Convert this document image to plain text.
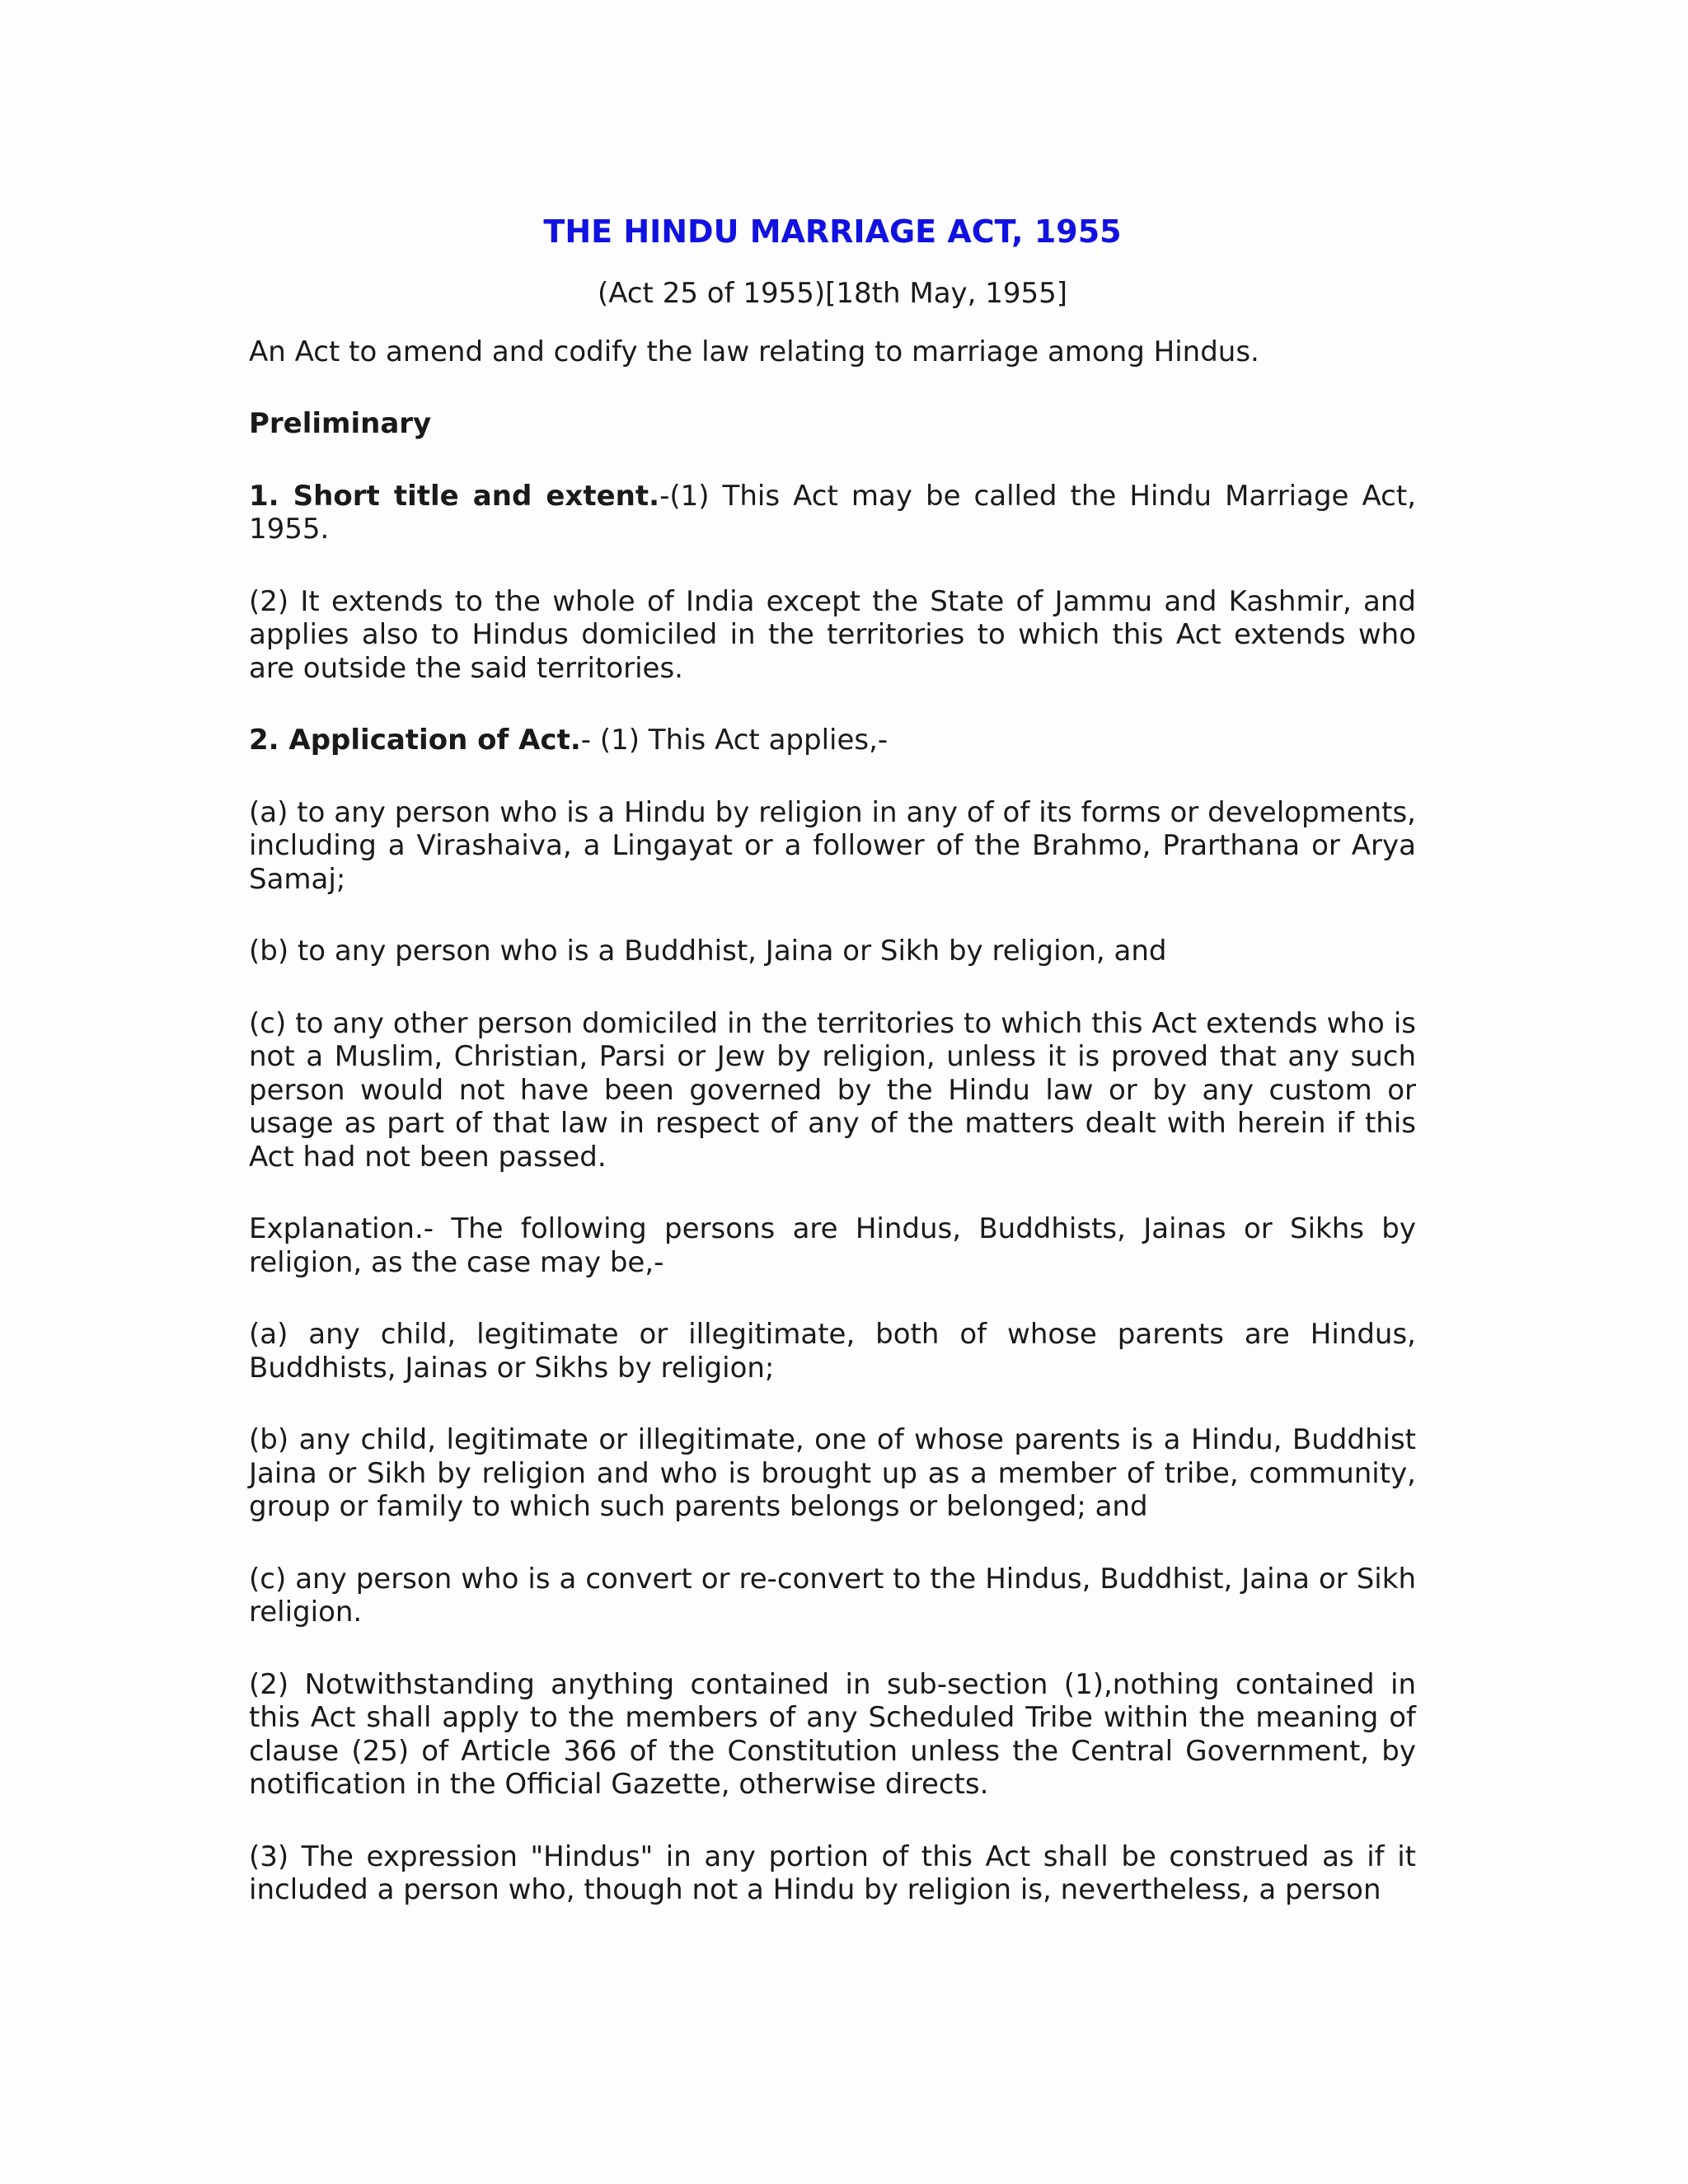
THE HINDU MARRIAGE ACT, 1955
(Act 25 of 1955)[18th May, 1955]

An Act to amend and codify the law relating to marriage among Hindus.

Preliminary

1. Short title and extent.-(1) This Act may be called the Hindu Marriage Act, 1955.

(2) It extends to the whole of India except the State of Jammu and Kashmir, and applies also to Hindus domiciled in the territories to which this Act extends who are outside the said territories.

2. Application of Act.- (1) This Act applies,-

(a) to any person who is a Hindu by religion in any of of its forms or developments, including a Virashaiva, a Lingayat or a follower of the Brahmo, Prarthana or Arya Samaj;

(b) to any person who is a Buddhist, Jaina or Sikh by religion, and

(c) to any other person domiciled in the territories to which this Act extends who is not a Muslim, Christian, Parsi or Jew by religion, unless it is proved that any such person would not have been governed by the Hindu law or by any custom or usage as part of that law in respect of any of the matters dealt with herein if this Act had not been passed.

Explanation.- The following persons are Hindus, Buddhists, Jainas or Sikhs by religion, as the case may be,-

(a) any child, legitimate or illegitimate, both of whose parents are Hindus, Buddhists, Jainas or Sikhs by religion;

(b) any child, legitimate or illegitimate, one of whose parents is a Hindu, Buddhist Jaina or Sikh by religion and who is brought up as a member of tribe, community, group or family to which such parents belongs or belonged; and

(c) any person who is a convert or re-convert to the Hindus, Buddhist, Jaina or Sikh religion.

(2) Notwithstanding anything contained in sub-section (1),nothing contained in this Act shall apply to the members of any Scheduled Tribe within the meaning of clause (25) of Article 366 of the Constitution unless the Central Government, by notification in the Official Gazette, otherwise directs.

(3) The expression "Hindus" in any portion of this Act shall be construed as if it included a person who, though not a Hindu by religion is, nevertheless, a person
